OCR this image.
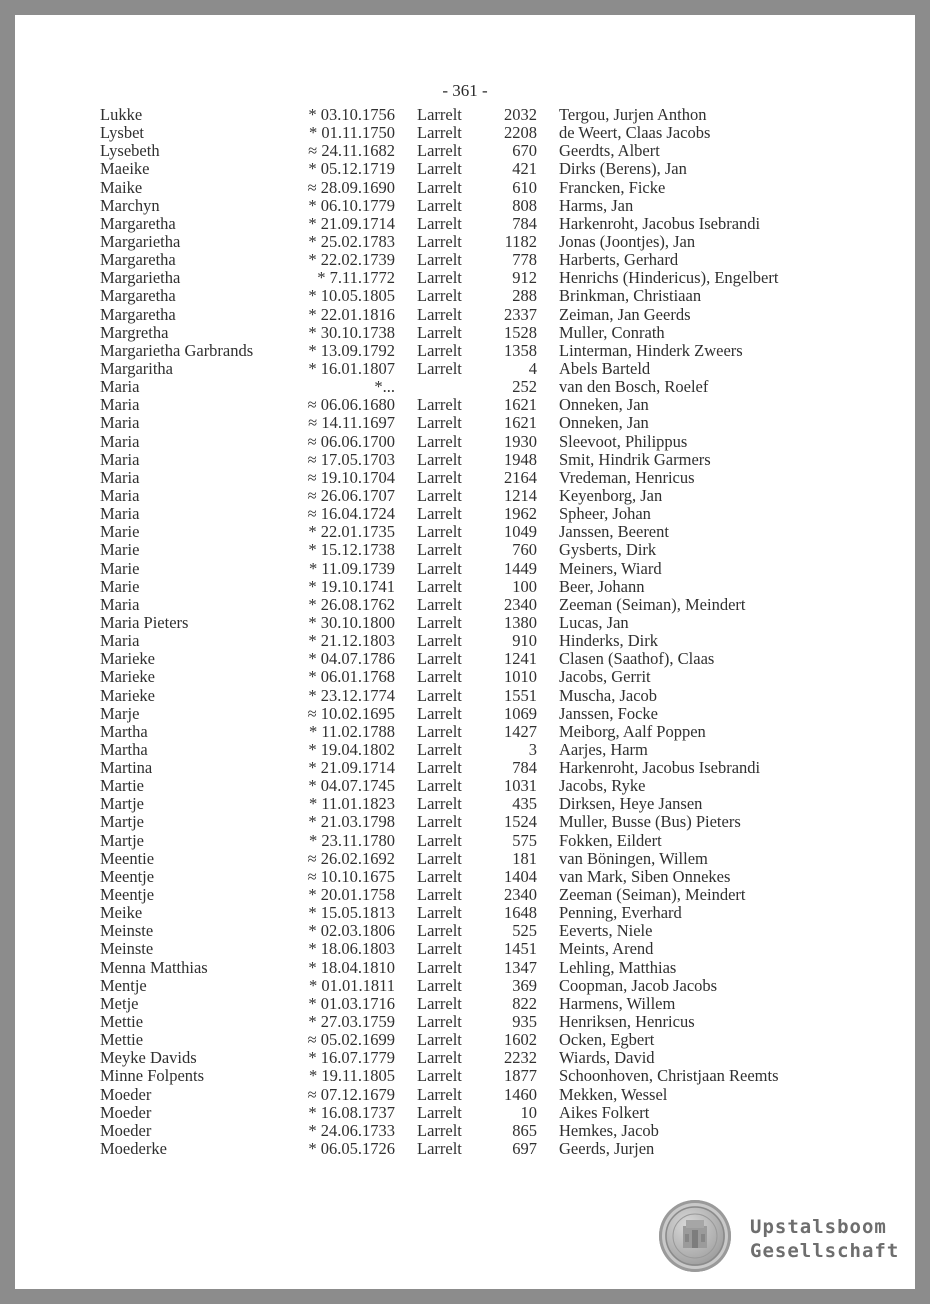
- 361 -
Lukke	* 03.10.1756 Larrelt	2032 Tergou, Jurjen Anthon
Lysbet	* 01.11.1750 Larrelt	2208 de Weert, Claas Jacobs
Lysebeth	≈ 24.11.1682 Larrelt	670 Geerdts, Albert
Maeike	* 05.12.1719 Larrelt	421 Dirks (Berens), Jan
Maike	≈ 28.09.1690 Larrelt	610 Francken, Ficke
Marchyn	* 06.10.1779 Larrelt	808 Harms, Jan
Margaretha	* 21.09.1714 Larrelt	784 Harkenroht, Jacobus Isebrandi
Margarietha	* 25.02.1783 Larrelt	1182 Jonas (Joontjes), Jan
Margaretha	* 22.02.1739 Larrelt	778 Harberts, Gerhard
Margarietha	* 7.11.1772 Larrelt	912 Henrichs (Hindericus), Engelbert
Margaretha	* 10.05.1805 Larrelt	288 Brinkman, Christiaan
Margaretha	* 22.01.1816 Larrelt	2337 Zeiman, Jan Geerds
Margretha	* 30.10.1738 Larrelt	1528 Muller, Conrath
Margarietha Garbrands	* 13.09.1792 Larrelt	1358 Linterman, Hinderk Zweers
Margaritha	* 16.01.1807 Larrelt	4 Abels Barteld
Maria	*...	252 van den Bosch, Roelef
Maria	≈ 06.06.1680 Larrelt	1621 Onneken, Jan
Maria	≈ 14.11.1697 Larrelt	1621 Onneken, Jan
Maria	≈ 06.06.1700 Larrelt	1930 Sleevoot, Philippus
Maria	≈ 17.05.1703 Larrelt	1948 Smit, Hindrik Garmers
Maria	≈ 19.10.1704 Larrelt	2164 Vredeman, Henricus
Maria	≈ 26.06.1707 Larrelt	1214 Keyenborg, Jan
Maria	≈ 16.04.1724 Larrelt	1962 Spheer, Johan
Marie	* 22.01.1735 Larrelt	1049 Janssen, Beerent
Marie	* 15.12.1738 Larrelt	760 Gysberts, Dirk
Marie	* 11.09.1739 Larrelt	1449 Meiners, Wiard
Marie	* 19.10.1741 Larrelt	100 Beer, Johann
Maria	* 26.08.1762 Larrelt	2340 Zeeman (Seiman), Meindert
Maria Pieters	* 30.10.1800 Larrelt	1380 Lucas, Jan
Maria	* 21.12.1803 Larrelt	910 Hinderks, Dirk
Marieke	* 04.07.1786 Larrelt	1241 Clasen (Saathof), Claas
Marieke	* 06.01.1768 Larrelt	1010 Jacobs, Gerrit
Marieke	* 23.12.1774 Larrelt	1551 Muscha, Jacob
Marje	≈ 10.02.1695 Larrelt	1069 Janssen, Focke
Martha	* 11.02.1788 Larrelt	1427 Meiborg, Aalf Poppen
Martha	* 19.04.1802 Larrelt	3 Aarjes, Harm
Martina	* 21.09.1714 Larrelt	784 Harkenroht, Jacobus Isebrandi
Martie	* 04.07.1745 Larrelt	1031 Jacobs, Ryke
Martje	* 11.01.1823 Larrelt	435 Dirksen, Heye Jansen
Martje	* 21.03.1798 Larrelt	1524 Muller, Busse (Bus) Pieters
Martje	* 23.11.1780 Larrelt	575 Fokken, Eildert
Meentie	≈ 26.02.1692 Larrelt	181 van Böningen, Willem
Meentje	≈ 10.10.1675 Larrelt	1404 van Mark, Siben Onnekes
Meentje	* 20.01.1758 Larrelt	2340 Zeeman (Seiman), Meindert
Meike	* 15.05.1813 Larrelt	1648 Penning, Everhard
Meinste	* 02.03.1806 Larrelt	525 Eeverts, Niele
Meinste	* 18.06.1803 Larrelt	1451 Meints, Arend
Menna Matthias	* 18.04.1810 Larrelt	1347 Lehling, Matthias
Mentje	* 01.01.1811 Larrelt	369 Coopman, Jacob Jacobs
Metje	* 01.03.1716 Larrelt	822 Harmens, Willem
Mettie	* 27.03.1759 Larrelt	935 Henriksen, Henricus
Mettie	≈ 05.02.1699 Larrelt	1602 Ocken, Egbert
Meyke Davids	* 16.07.1779 Larrelt	2232 Wiards, David
Minne Folpents	* 19.11.1805 Larrelt	1877 Schoonhoven, Christjaan Reemts
Moeder	≈ 07.12.1679 Larrelt	1460 Mekken, Wessel
Moeder	* 16.08.1737 Larrelt	10 Aikes Folkert
Moeder	* 24.06.1733 Larrelt	865 Hemkes, Jacob
Moederke	* 06.05.1726 Larrelt	697 Geerds, Jurjen
Upstalsboom
Gesellschaft
